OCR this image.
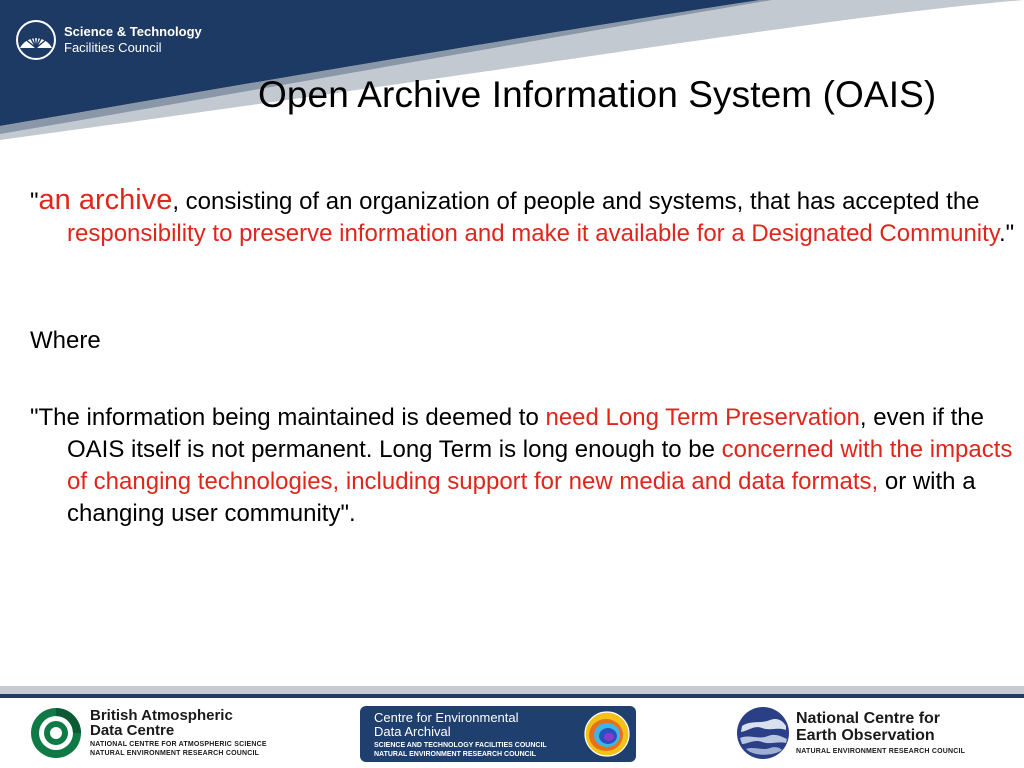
Science & Technology
Facilities Council
Open Archive Information System (OAIS)
"an archive, consisting of an organization of people and systems, that has accepted the responsibility to preserve information and make it available for a Designated Community."
Where
"The information being maintained is deemed to need Long Term Preservation, even if the OAIS itself is not permanent. Long Term is long enough to be concerned with the impacts of changing technologies, including support for new media and data formats, or with a changing user community".
British Atmospheric
Data Centre
NATIONAL CENTRE FOR ATMOSPHERIC SCIENCE
NATURAL ENVIRONMENT RESEARCH COUNCIL
Centre for Environmental
Data Archival
SCIENCE AND TECHNOLOGY FACILITIES COUNCIL
NATURAL ENVIRONMENT RESEARCH COUNCIL
National Centre for
Earth Observation
NATURAL ENVIRONMENT RESEARCH COUNCIL
